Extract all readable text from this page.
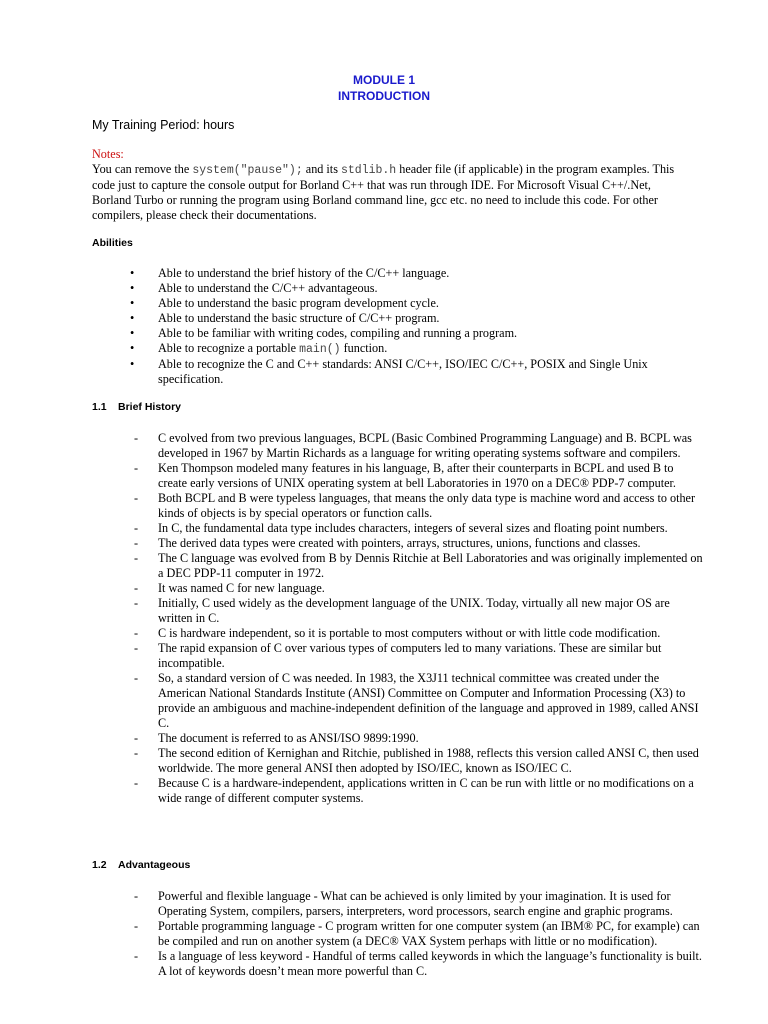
MODULE 1
INTRODUCTION
My Training Period: hours
Notes:
You can remove the system("pause"); and its stdlib.h header file (if applicable) in the program examples. This code just to capture the console output for Borland C++ that was run through IDE. For Microsoft Visual C++/.Net, Borland Turbo or running the program using Borland command line, gcc etc. no need to include this code. For other compilers, please check their documentations.
Abilities
• Able to understand the brief history of the C/C++ language.
• Able to understand the C/C++ advantageous.
• Able to understand the basic program development cycle.
• Able to understand the basic structure of C/C++ program.
• Able to be familiar with writing codes, compiling and running a program.
• Able to recognize a portable main() function.
• Able to recognize the C and C++ standards: ANSI C/C++, ISO/IEC C/C++, POSIX and Single Unix specification.
1.1 Brief History
- C evolved from two previous languages, BCPL (Basic Combined Programming Language) and B. BCPL was developed in 1967 by Martin Richards as a language for writing operating systems software and compilers.
- Ken Thompson modeled many features in his language, B, after their counterparts in BCPL and used B to create early versions of UNIX operating system at bell Laboratories in 1970 on a DEC® PDP-7 computer.
- Both BCPL and B were typeless languages, that means the only data type is machine word and access to other kinds of objects is by special operators or function calls.
- In C, the fundamental data type includes characters, integers of several sizes and floating point numbers.
- The derived data types were created with pointers, arrays, structures, unions, functions and classes.
- The C language was evolved from B by Dennis Ritchie at Bell Laboratories and was originally implemented on a DEC PDP-11 computer in 1972.
- It was named C for new language.
- Initially, C used widely as the development language of the UNIX. Today, virtually all new major OS are written in C.
- C is hardware independent, so it is portable to most computers without or with little code modification.
- The rapid expansion of C over various types of computers led to many variations. These are similar but incompatible.
- So, a standard version of C was needed. In 1983, the X3J11 technical committee was created under the American National Standards Institute (ANSI) Committee on Computer and Information Processing (X3) to provide an ambiguous and machine-independent definition of the language and approved in 1989, called ANSI C.
- The document is referred to as ANSI/ISO 9899:1990.
- The second edition of Kernighan and Ritchie, published in 1988, reflects this version called ANSI C, then used worldwide. The more general ANSI then adopted by ISO/IEC, known as ISO/IEC C.
- Because C is a hardware-independent, applications written in C can be run with little or no modifications on a wide range of different computer systems.
1.2 Advantageous
- Powerful and flexible language - What can be achieved is only limited by your imagination. It is used for Operating System, compilers, parsers, interpreters, word processors, search engine and graphic programs.
- Portable programming language - C program written for one computer system (an IBM® PC, for example) can be compiled and run on another system (a DEC® VAX System perhaps with little or no modification).
- Is a language of less keyword - Handful of terms called keywords in which the language’s functionality is built. A lot of keywords doesn’t mean more powerful than C.
